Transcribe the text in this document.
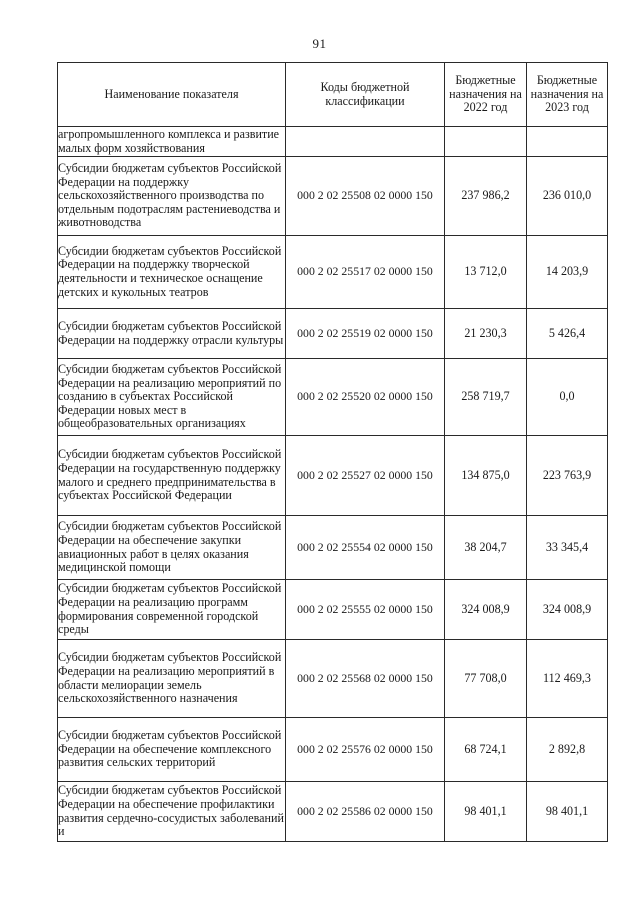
91
Наименование показателя	Коды бюджетной классификации	Бюджетные назначения на 2022 год	Бюджетные назначения на 2023 год
агропромышленного комплекса и развитие малых форм хозяйствования			
Субсидии бюджетам субъектов Российской Федерации на поддержку сельскохозяйственного производства по отдельным подотраслям растениеводства и животноводства	000 2 02 25508 02 0000 150	237 986,2	236 010,0
Субсидии бюджетам субъектов Российской Федерации на поддержку творческой деятельности и техническое оснащение детских и кукольных театров	000 2 02 25517 02 0000 150	13 712,0	14 203,9
Субсидии бюджетам субъектов Российской Федерации на поддержку отрасли культуры	000 2 02 25519 02 0000 150	21 230,3	5 426,4
Субсидии бюджетам субъектов Российской Федерации на реализацию мероприятий по созданию в субъектах Российской Федерации новых мест в общеобразовательных организациях	000 2 02 25520 02 0000 150	258 719,7	0,0
Субсидии бюджетам субъектов Российской Федерации на государственную поддержку малого и среднего предпринимательства в субъектах Российской Федерации	000 2 02 25527 02 0000 150	134 875,0	223 763,9
Субсидии бюджетам субъектов Российской Федерации на обеспечение закупки авиационных работ в целях оказания медицинской помощи	000 2 02 25554 02 0000 150	38 204,7	33 345,4
Субсидии бюджетам субъектов Российской Федерации на реализацию программ формирования современной городской среды	000 2 02 25555 02 0000 150	324 008,9	324 008,9
Субсидии бюджетам субъектов Российской Федерации на реализацию мероприятий в области мелиорации земель сельскохозяйственного назначения	000 2 02 25568 02 0000 150	77 708,0	112 469,3
Субсидии бюджетам субъектов Российской Федерации на обеспечение комплексного развития сельских территорий	000 2 02 25576 02 0000 150	68 724,1	2 892,8
Субсидии бюджетам субъектов Российской Федерации на обеспечение профилактики развития сердечно-сосудистых заболеваний и	000 2 02 25586 02 0000 150	98 401,1	98 401,1
